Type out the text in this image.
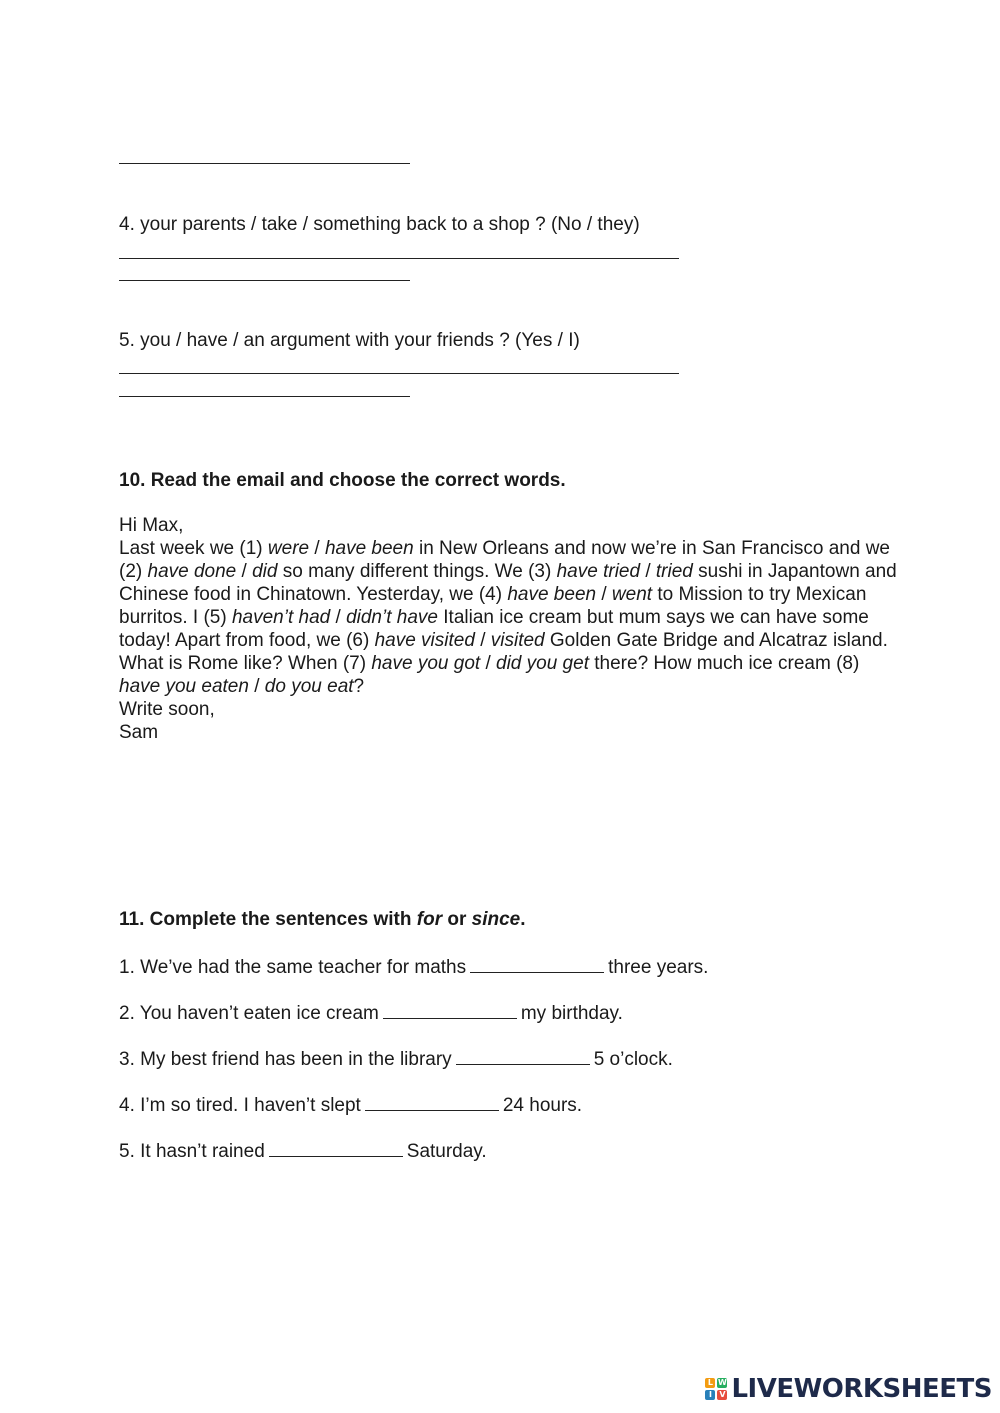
4. your parents / take / something back to a shop ? (No / they)
5. you / have / an argument with your friends ? (Yes / I)
10. Read the email and choose the correct words.

Hi Max,

Last week we (1) were / have been in New Orleans and now we’re in San Francisco and we (2) have done / did so many different things. We (3) have tried / tried sushi in Japantown and Chinese food in Chinatown. Yesterday, we (4) have been / went to Mission to try Mexican burritos. I (5) haven’t had / didn’t have Italian ice cream but mum says we can have some today! Apart from food, we (6) have visited / visited Golden Gate Bridge and Alcatraz island. What is Rome like? When (7) have you got / did you get there? How much ice cream (8) have you eaten / do you eat?

Write soon,

Sam

11. Complete the sentences with for or since.
1. We’ve had the same teacher for maths	three years.
2. You haven’t eaten ice cream	my birthday.
3. My best friend has been in the library	5 o’clock.
4. I’m so tired. I haven’t slept	24 hours.
5. It hasn’t rained	Saturday.
L W
I V LIVEWORKSHEETS
